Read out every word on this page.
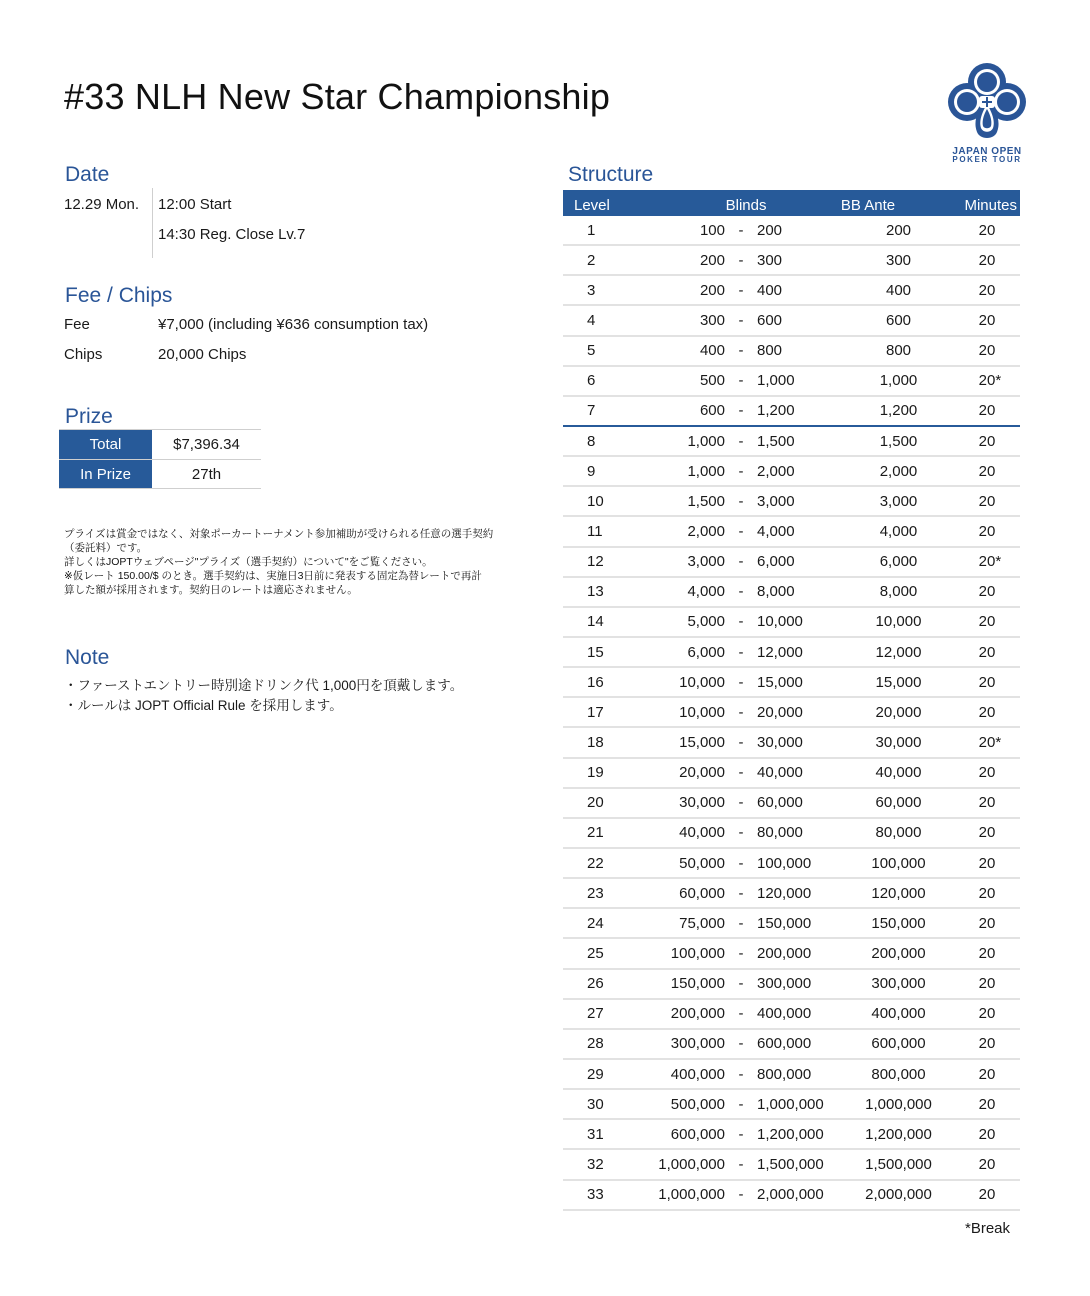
#33 NLH New Star Championship
JAPAN OPEN
POKER TOUR
Date
12.29 Mon. 12:00 Start
14:30 Reg. Close Lv.7
Fee / Chips
Fee	¥7,000 (including ¥636 consumption tax)
Chips	20,000 Chips
Prize
Total	$7,396.34
In Prize	27th
プライズは賞金ではなく、対象ポーカートーナメント参加補助が受けられる任意の選手契約
（委託料）です。
詳しくはJOPTウェブページ"プライズ（選手契約）について"をご覧ください。
※仮レート 150.00/$ のとき。選手契約は、実施日3日前に発表する固定為替レートで再計
算した額が採用されます。契約日のレートは適応されません。
Note
・ファーストエントリー時別途ドリンク代 1,000円を頂戴します。
・ルールは JOPT Official Rule を採用します。
Structure
Level	Blinds	BB Ante	Minutes
1	100 - 200	200	20
2	200 - 300	300	20
3	200 - 400	400	20
4	300 - 600	600	20
5	400 - 800	800	20
6	500 - 1,000	1,000	20 *
7	600 - 1,200	1,200	20
8	1,000 - 1,500	1,500	20
9	1,000 - 2,000	2,000	20
10	1,500 - 3,000	3,000	20
11	2,000 - 4,000	4,000	20
12	3,000 - 6,000	6,000	20 *
13	4,000 - 8,000	8,000	20
14	5,000 - 10,000	10,000	20
15	6,000 - 12,000	12,000	20
16	10,000 - 15,000	15,000	20
17	10,000 - 20,000	20,000	20
18	15,000 - 30,000	30,000	20 *
19	20,000 - 40,000	40,000	20
20	30,000 - 60,000	60,000	20
21	40,000 - 80,000	80,000	20
22	50,000 - 100,000	100,000	20
23	60,000 - 120,000	120,000	20
24	75,000 - 150,000	150,000	20
25	100,000 - 200,000	200,000	20
26	150,000 - 300,000	300,000	20
27	200,000 - 400,000	400,000	20
28	300,000 - 600,000	600,000	20
29	400,000 - 800,000	800,000	20
30	500,000 - 1,000,000	1,000,000	20
31	600,000 - 1,200,000	1,200,000	20
32	1,000,000 - 1,500,000	1,500,000	20
33	1,000,000 - 2,000,000	2,000,000	20
*Break
